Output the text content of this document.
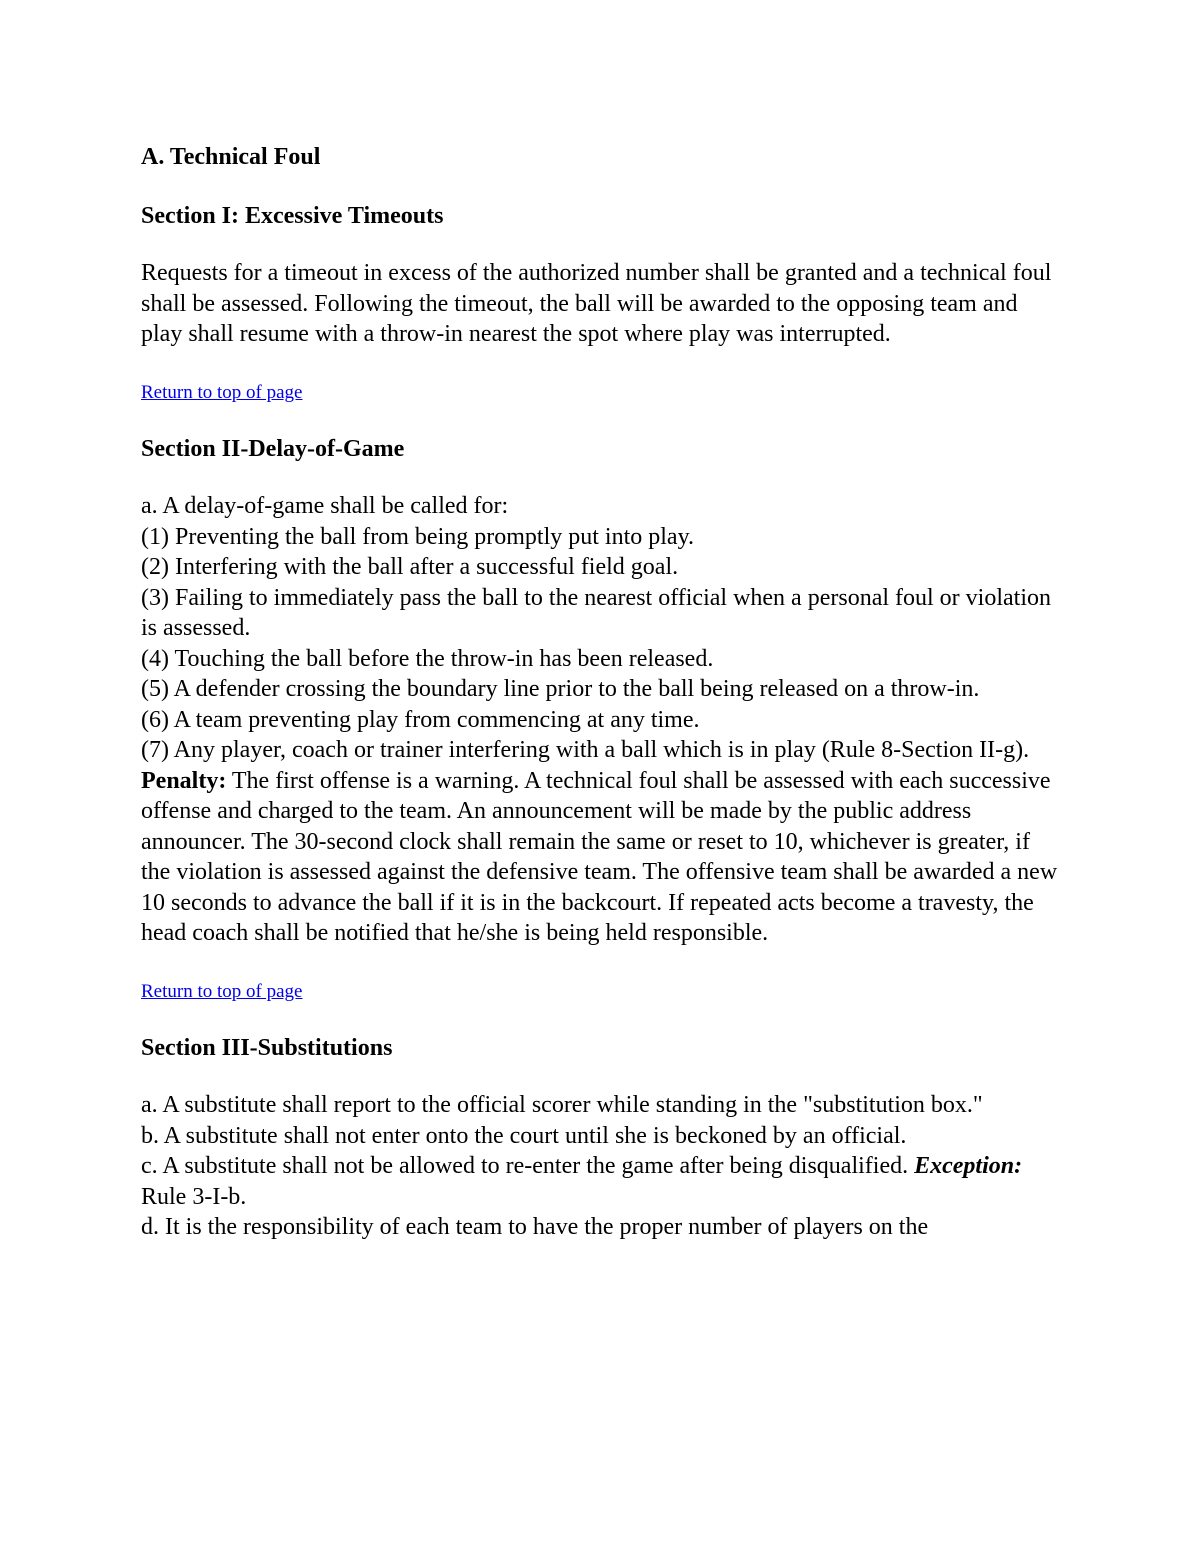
A. Technical Foul
Section I: Excessive Timeouts

Requests for a timeout in excess of the authorized number shall be granted and a technical foul shall be assessed. Following the timeout, the ball will be awarded to the opposing team and play shall resume with a throw-in nearest the spot where play was interrupted.

Return to top of page

Section II-Delay-of-Game

a. A delay-of-game shall be called for:

(1) Preventing the ball from being promptly put into play.

(2) Interfering with the ball after a successful field goal.

(3) Failing to immediately pass the ball to the nearest official when a personal foul or violation is assessed.

(4) Touching the ball before the throw-in has been released.

(5) A defender crossing the boundary line prior to the ball being released on a throw-in.

(6) A team preventing play from commencing at any time.

(7) Any player, coach or trainer interfering with a ball which is in play (Rule 8-Section II-g).

Penalty: The first offense is a warning. A technical foul shall be assessed with each successive offense and charged to the team. An announcement will be made by the public address announcer. The 30-second clock shall remain the same or reset to 10, whichever is greater, if the violation is assessed against the defensive team. The offensive team shall be awarded a new 10 seconds to advance the ball if it is in the backcourt. If repeated acts become a travesty, the head coach shall be notified that he/she is being held responsible.

Return to top of page

Section III-Substitutions

a. A substitute shall report to the official scorer while standing in the "substitution box."

b. A substitute shall not enter onto the court until she is beckoned by an official.

c. A substitute shall not be allowed to re-enter the game after being disqualified. Exception: Rule 3-I-b.

d. It is the responsibility of each team to have the proper number of players on the
